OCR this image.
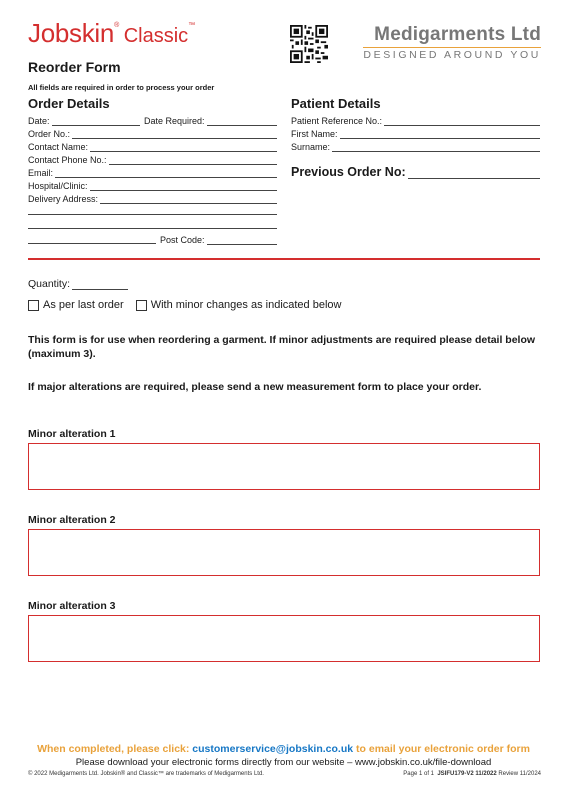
Jobskin® Classic™	Medigarments Ltd
DESIGNED AROUND YOU
Reorder Form
All fields are required in order to process your order
Order Details
Date:	Date Required:
Order No.:
Contact Name:
Contact Phone No.:
Email:
Hospital/Clinic:
Delivery Address:
Post Code:
Patient Details
Patient Reference No.:
First Name:
Surname:
Previous Order No:
Quantity:
As per last order With minor changes as indicated below
This form is for use when reordering a garment. If minor adjustments are required please detail below (maximum 3).
If major alterations are required, please send a new measurement form to place your order.
Minor alteration 1
Minor alteration 2
Minor alteration 3
When completed, please click: customerservice@jobskin.co.uk to email your electronic order form
Please download your electronic forms directly from our website – www.jobskin.co.uk/file-download
© 2022 Medigarments Ltd. Jobskin® and Classic™ are trademarks of Medigarments Ltd.	Page 1 of 1 JSIFU179-V2 11/2022 Review 11/2024
